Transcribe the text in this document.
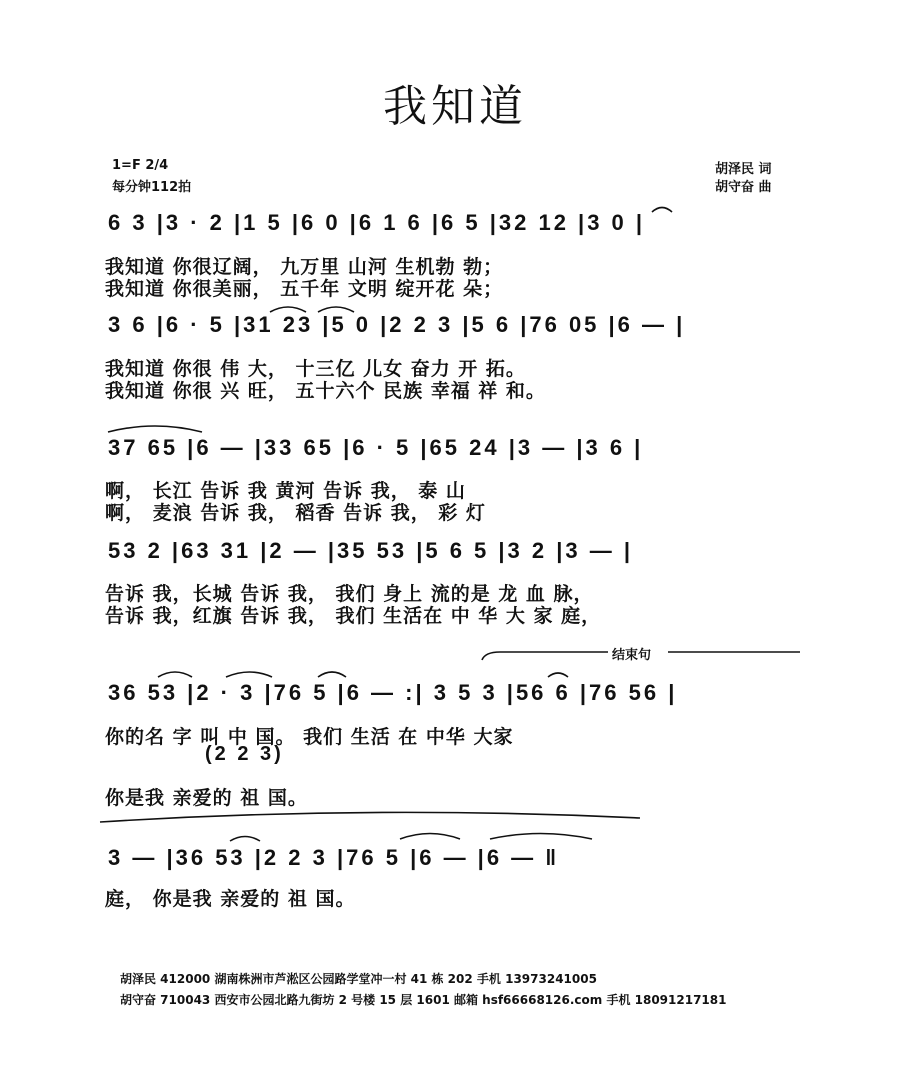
我知道
1=F 2/4
每分钟112拍
胡泽民 词
胡守奋 曲
6 3 |3 · 2 |1 5 |6 0 |6 1 6 |6 5 |32 12 |3 0 |
我知道 你很辽阔， 九万里 山河 生机勃 勃；
我知道 你很美丽， 五千年 文明 绽开花 朵；
3 6 |6 · 5 |31 23 |5 0 |2 2 3 |5 6 |76 05 |6 — |
我知道 你很 伟 大， 十三亿 儿女 奋力 开 拓。
我知道 你很 兴 旺， 五十六个 民族 幸福 祥 和。
37 65 |6 — |33 65 |6 · 5 |65 24 |3 — |3 6 |
啊， 长江 告诉 我 黄河 告诉 我， 泰 山
啊， 麦浪 告诉 我， 稻香 告诉 我， 彩 灯
53 2 |63 31 |2 — |35 53 |5 6 5 |3 2 |3 — |
告诉 我，长城 告诉 我， 我们 身上 流的是 龙 血 脉，
告诉 我，红旗 告诉 我， 我们 生活在 中 华 大 家 庭，
结束句
36 53 |2 · 3 |76 5 |6 — :| 3 5 3 |56 6 |76 56 |
你的名 字 叫 中 国。 我们 生活 在 中华 大家
(2 2 3)
你是我 亲爱的 祖 国。
3 — |36 53 |2 2 3 |76 5 |6 — |6 — ‖
庭， 你是我 亲爱的 祖 国。
胡泽民 412000 湖南株洲市芦淞区公园路学堂冲一村 41 栋 202 手机 13973241005
胡守奋 710043 西安市公园北路九街坊 2 号楼 15 层 1601 邮箱 hsf66668126.com 手机 18091217181
